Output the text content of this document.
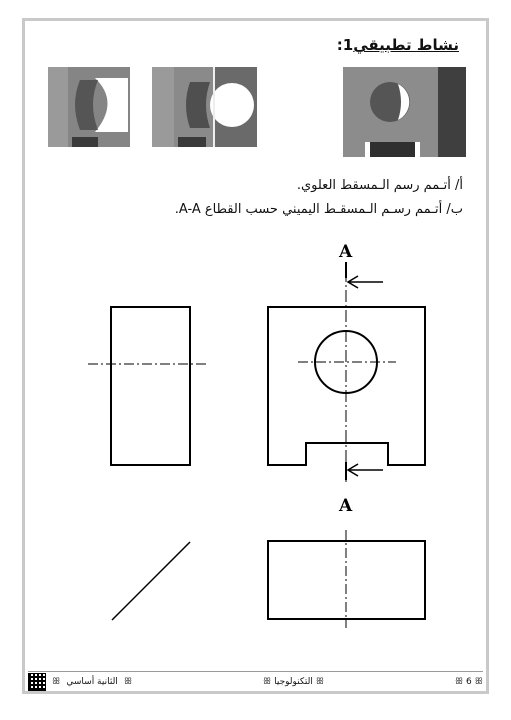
نشاط تطبيقي1:
أ/ أتـمم رسم الـمسقط العلوي.
ب/ أتـمم رسـم الـمسقـط اليميني حسب القطاع A-A.
A
A
ꕥ 6 ꕥ
ꕥ التكنولوجيا ꕥ
ꕥ
الثانية أساسي
ꕥ
